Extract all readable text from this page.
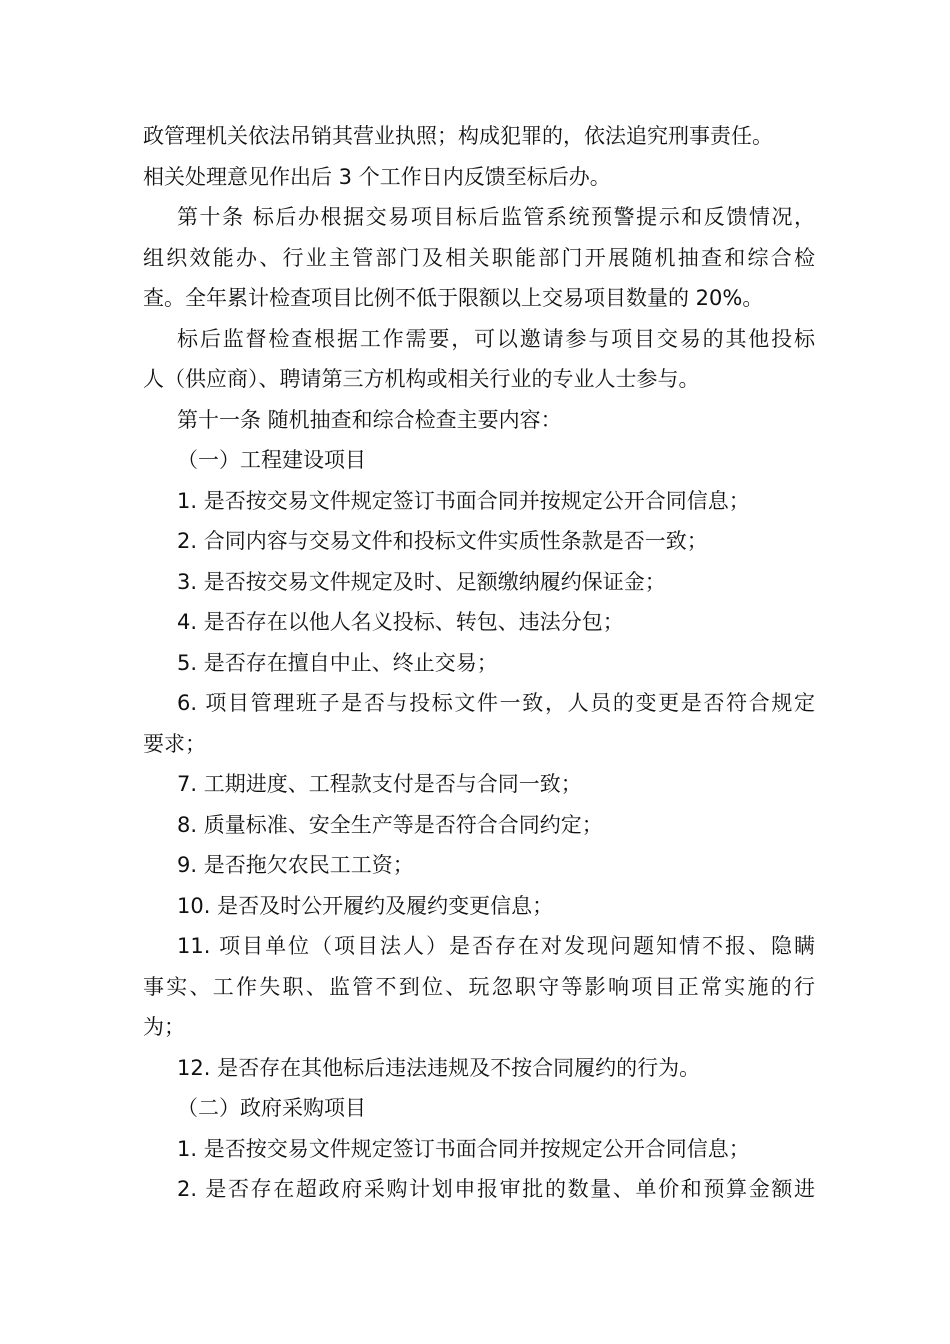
政管理机关依法吊销其营业执照；构成犯罪的，依法追究刑事责任。
相关处理意见作出后 3 个工作日内反馈至标后办。
第十条 标后办根据交易项目标后监管系统预警提示和反馈情况，
组织效能办、行业主管部门及相关职能部门开展随机抽查和综合检
查。全年累计检查项目比例不低于限额以上交易项目数量的 20%。
标后监督检查根据工作需要，可以邀请参与项目交易的其他投标
人（供应商）、聘请第三方机构或相关行业的专业人士参与。
第十一条 随机抽查和综合检查主要内容：
（一）工程建设项目
1. 是否按交易文件规定签订书面合同并按规定公开合同信息；
2. 合同内容与交易文件和投标文件实质性条款是否一致；
3. 是否按交易文件规定及时、足额缴纳履约保证金；
4. 是否存在以他人名义投标、转包、违法分包；
5. 是否存在擅自中止、终止交易；
6. 项目管理班子是否与投标文件一致，人员的变更是否符合规定
要求；
7. 工期进度、工程款支付是否与合同一致；
8. 质量标准、安全生产等是否符合合同约定；
9. 是否拖欠农民工工资；
10. 是否及时公开履约及履约变更信息；
11. 项目单位（项目法人）是否存在对发现问题知情不报、隐瞒
事实、工作失职、监管不到位、玩忽职守等影响项目正常实施的行
为；
12. 是否存在其他标后违法违规及不按合同履约的行为。
（二）政府采购项目
1. 是否按交易文件规定签订书面合同并按规定公开合同信息；
2. 是否存在超政府采购计划申报审批的数量、单价和预算金额进
